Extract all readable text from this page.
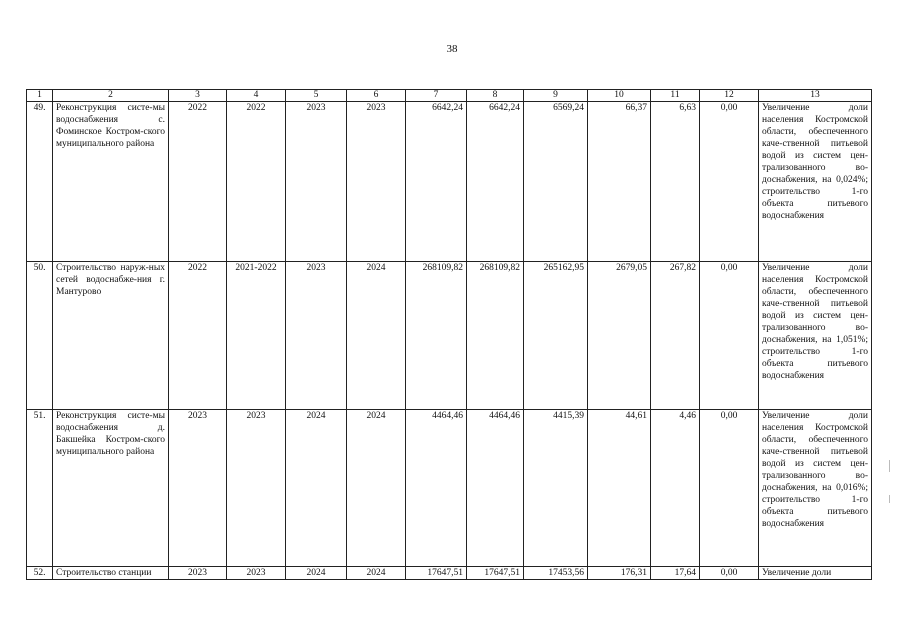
38
1	2	3	4	5	6	7	8	9	10	11	12	13
49.	Реконструкция систе-мы водоснабжения с. Фоминское Костром-ского муниципального района	2022	2022	2023	2023	6642,24	6642,24	6569,24	66,37	6,63	0,00	Увеличение доли населения Костромской области, обеспеченного каче-ственной питьевой водой из систем цен-трализованного во-доснабжения, на 0,024%; строительство 1-го объекта питьевого водоснабжения
50.	Строительство наруж-ных сетей водоснабже-ния г. Мантурово	2022	2021-2022	2023	2024	268109,82	268109,82	265162,95	2679,05	267,82	0,00	Увеличение доли населения Костромской области, обеспеченного каче-ственной питьевой водой из систем цен-трализованного во-доснабжения, на 1,051%; строительство 1-го объекта питьевого водоснабжения
51.	Реконструкция систе-мы водоснабжения д. Бакшейка Костром-ского муниципального района	2023	2023	2024	2024	4464,46	4464,46	4415,39	44,61	4,46	0,00	Увеличение доли населения Костромской области, обеспеченного каче-ственной питьевой водой из систем цен-трализованного во-доснабжения, на 0,016%; строительство 1-го объекта питьевого водоснабжения
52.	Строительство станции	2023	2023	2024	2024	17647,51	17647,51	17453,56	176,31	17,64	0,00	Увеличение доли
